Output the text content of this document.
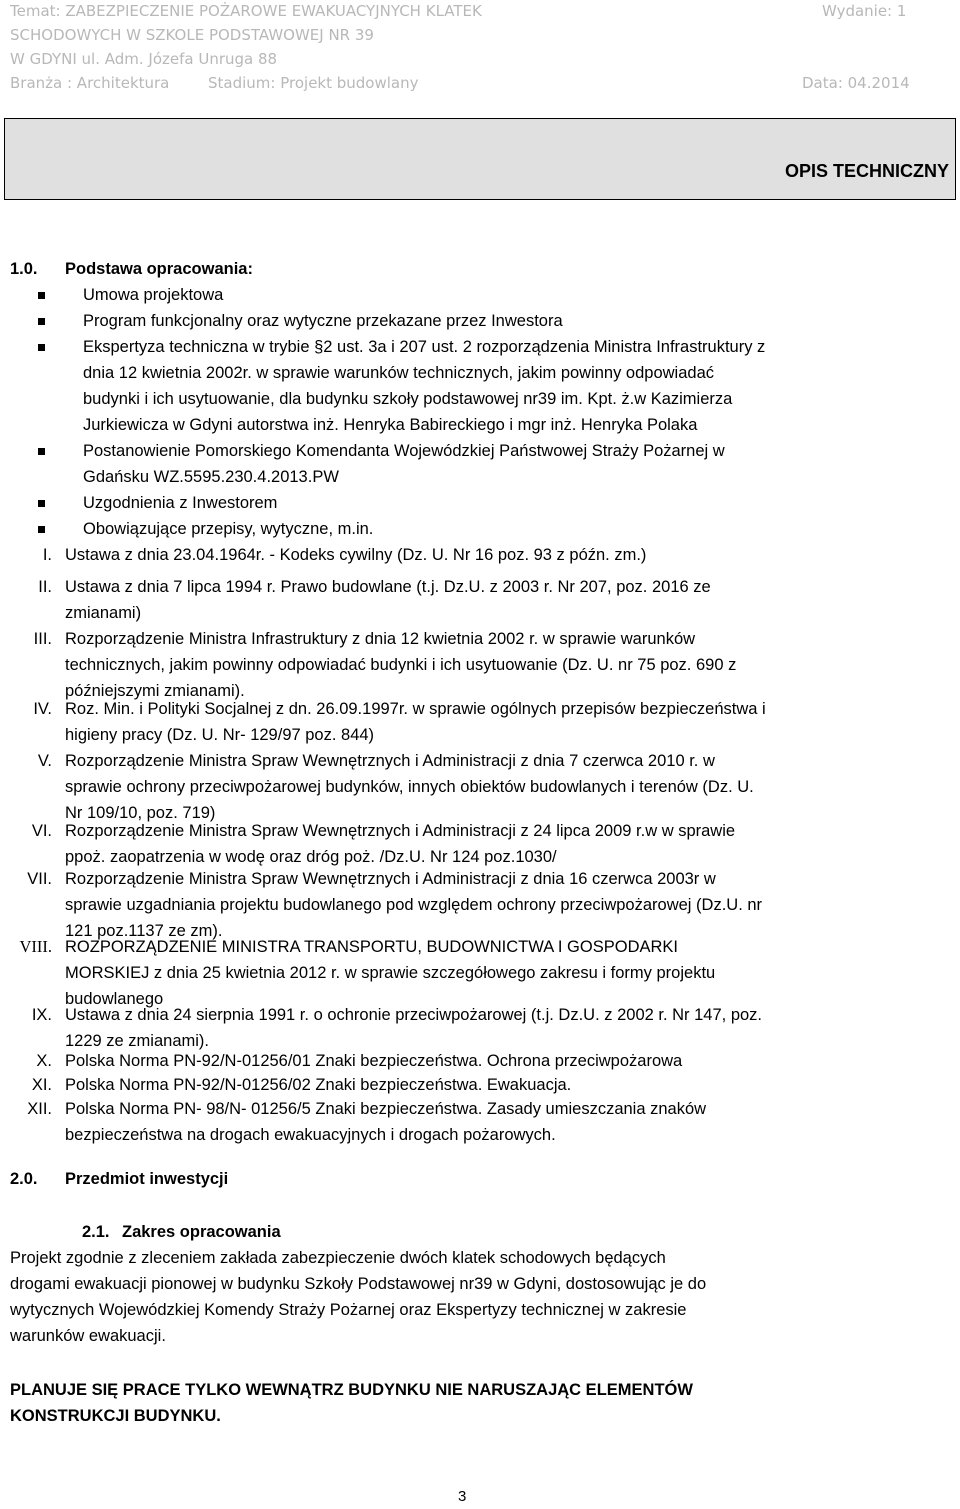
Temat: ZABEZPIECZENIE POŻAROWE EWAKUACYJNYCH KLATEK	Wydanie: 1
SCHODOWYCH W SZKOLE PODSTAWOWEJ NR 39
W GDYNI ul. Adm. Józefa Unruga 88
Branża : Architektura	Stadium: Projekt budowlany	Data: 04.2014
OPIS TECHNICZNY
1.0. Podstawa opracowania:
Umowa projektowa
Program funkcjonalny oraz wytyczne przekazane przez Inwestora
Ekspertyza techniczna w trybie §2 ust. 3a i 207 ust. 2 rozporządzenia Ministra Infrastruktury z
dnia 12 kwietnia 2002r. w sprawie warunków technicznych, jakim powinny odpowiadać
budynki i ich usytuowanie, dla budynku szkoły podstawowej nr39 im. Kpt. ż.w Kazimierza
Jurkiewicza w Gdyni autorstwa inż. Henryka Babireckiego i mgr inż. Henryka Polaka
Postanowienie Pomorskiego Komendanta Wojewódzkiej Państwowej Straży Pożarnej w
Gdańsku WZ.5595.230.4.2013.PW
Uzgodnienia z Inwestorem
Obowiązujące przepisy, wytyczne, m.in.
I. Ustawa z dnia 23.04.1964r. - Kodeks cywilny (Dz. U. Nr 16 poz. 93 z późn. zm.)
II. Ustawa z dnia 7 lipca 1994 r. Prawo budowlane (t.j. Dz.U. z 2003 r. Nr 207, poz. 2016 ze
zmianami)
III. Rozporządzenie Ministra Infrastruktury z dnia 12 kwietnia 2002 r. w sprawie warunków
technicznych, jakim powinny odpowiadać budynki i ich usytuowanie (Dz. U. nr 75 poz. 690 z
późniejszymi zmianami).
IV. Roz. Min. i Polityki Socjalnej z dn. 26.09.1997r. w sprawie ogólnych przepisów bezpieczeństwa i
higieny pracy (Dz. U. Nr- 129/97 poz. 844)
V. Rozporządzenie Ministra Spraw Wewnętrznych i Administracji z dnia 7 czerwca 2010 r. w
sprawie ochrony przeciwpożarowej budynków, innych obiektów budowlanych i terenów (Dz. U.
Nr 109/10, poz. 719)
VI. Rozporządzenie Ministra Spraw Wewnętrznych i Administracji z 24 lipca 2009 r.w w sprawie
ppoż. zaopatrzenia w wodę oraz dróg poż. /Dz.U. Nr 124 poz.1030/
VII. Rozporządzenie Ministra Spraw Wewnętrznych i Administracji z dnia 16 czerwca 2003r w
sprawie uzgadniania projektu budowlanego pod względem ochrony przeciwpożarowej (Dz.U. nr
121 poz.1137 ze zm).
VIII. ROZPORZĄDZENIE MINISTRA TRANSPORTU, BUDOWNICTWA I GOSPODARKI
MORSKIEJ z dnia 25 kwietnia 2012 r. w sprawie szczegółowego zakresu i formy projektu
budowlanego
IX. Ustawa z dnia 24 sierpnia 1991 r. o ochronie przeciwpożarowej (t.j. Dz.U. z 2002 r. Nr 147, poz.
1229 ze zmianami).
X. Polska Norma PN-92/N-01256/01 Znaki bezpieczeństwa. Ochrona przeciwpożarowa
XI. Polska Norma PN-92/N-01256/02 Znaki bezpieczeństwa. Ewakuacja.
XII. Polska Norma PN- 98/N- 01256/5 Znaki bezpieczeństwa. Zasady umieszczania znaków
bezpieczeństwa na drogach ewakuacyjnych i drogach pożarowych.
2.0. Przedmiot inwestycji
2.1. Zakres opracowania
Projekt zgodnie z zleceniem zakłada zabezpieczenie dwóch klatek schodowych będących
drogami ewakuacji pionowej w budynku Szkoły Podstawowej nr39 w Gdyni, dostosowując je do
wytycznych Wojewódzkiej Komendy Straży Pożarnej oraz Ekspertyzy technicznej w zakresie
warunków ewakuacji.
PLANUJE SIĘ PRACE TYLKO WEWNĄTRZ BUDYNKU NIE NARUSZAJĄC ELEMENTÓW
KONSTRUKCJI BUDYNKU.
3
